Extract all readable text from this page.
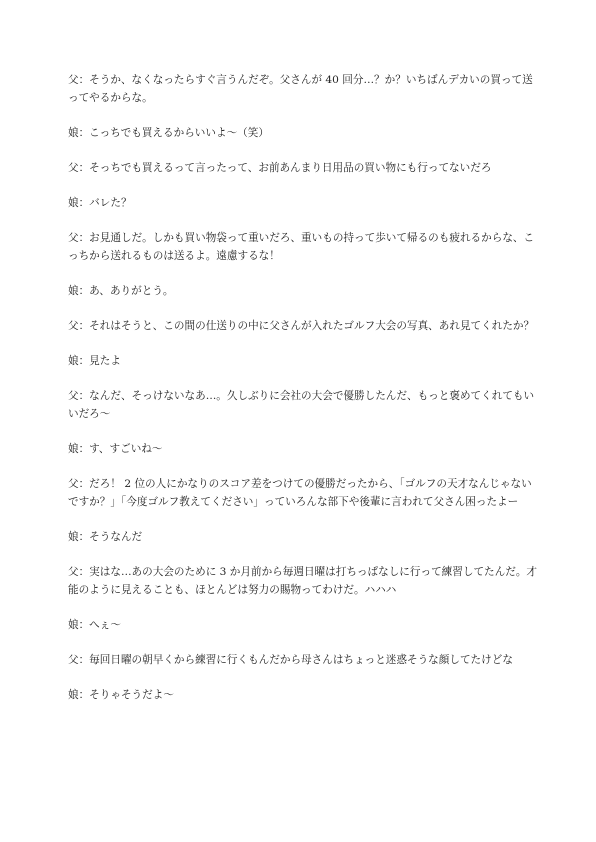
父：そうか、なくなったらすぐ言うんだぞ。父さんが 40 回分…？か？いちばんデカいの買って送ってやるからな。

娘：こっちでも買えるからいいよ～（笑）

父：そっちでも買えるって言ったって、お前あんまり日用品の買い物にも行ってないだろ

娘：バレた？

父：お見通しだ。しかも買い物袋って重いだろ、重いもの持って歩いて帰るのも疲れるからな、こっちから送れるものは送るよ。遠慮するな！

娘：あ、ありがとう。

父：それはそうと、この間の仕送りの中に父さんが入れたゴルフ大会の写真、あれ見てくれたか？

娘：見たよ

父：なんだ、そっけないなあ…。久しぶりに会社の大会で優勝したんだ、もっと褒めてくれてもいいだろ～

娘：す、すごいね～

父：だろ！ 2 位の人にかなりのスコア差をつけての優勝だったから、「ゴルフの天才なんじゃないですか？」「今度ゴルフ教えてください」っていろんな部下や後輩に言われて父さん困ったよー

娘：そうなんだ

父：実はな…あの大会のために 3 か月前から毎週日曜は打ちっぱなしに行って練習してたんだ。才能のように見えることも、ほとんどは努力の賜物ってわけだ。ハハハ

娘：へぇ～

父：毎回日曜の朝早くから練習に行くもんだから母さんはちょっと迷惑そうな顔してたけどな

娘：そりゃそうだよ～
